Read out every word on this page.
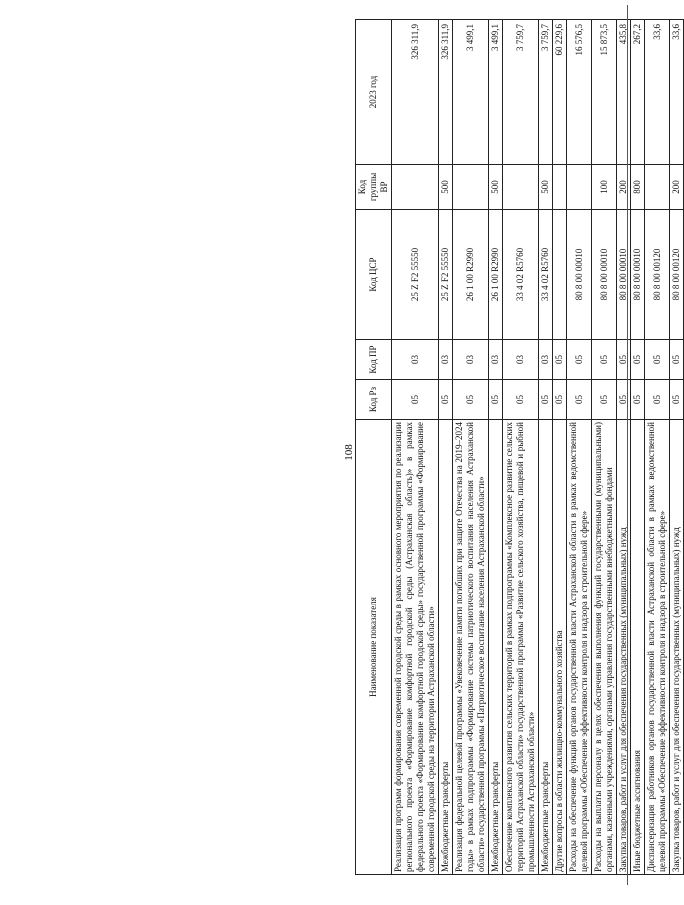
108
Наименование показателя	Код Рз	Код ПР	Код ЦСР	Код группы ВР	2023 год
Реализация программ формирования современной городской среды в рамках основного мероприятия по реализации регионального проекта «Формирование комфортной городской среды (Астраханская область)» в рамках федерального проекта «Формирование комфортной городской среды» государственной программы «Формирование современной городской среды на территории Астраханской области»	05	03	25 Z F2 55550		326 311,9
Межбюджетные трансферты	05	03	25 Z F2 55550	500	326 311,9
Реализация федеральной целевой программы «Увековечение памяти погибших при защите Отечества на 2019–2024 годы» в рамках подпрограммы «Формирование системы патриотического воспитания населения Астраханской области» государственной программы «Патриотическое воспитание населения Астраханской области»	05	03	26 1 00 R2990		3 499,1
Межбюджетные трансферты	05	03	26 1 00 R2990	500	3 499,1
Обеспечение комплексного развития сельских территорий в рамках подпрограммы «Комплексное развитие сельских территорий Астраханской области» государственной программы «Развитие сельского хозяйства, пищевой и рыбной промышленности Астраханской области»	05	03	33 4 02 R5760		3 759,7
Межбюджетные трансферты	05	03	33 4 02 R5760	500	3 759,7
Другие вопросы в области жилищно-коммунального хозяйства	05	05			60 229,6
Расходы на обеспечение функций органов государственной власти Астраханской области в рамках ведомственной целевой программы «Обеспечение эффективности контроля и надзора в строительной сфере»	05	05	80 8 00 00010		16 576,5
Расходы на выплаты персоналу в целях обеспечения выполнения функций государственными (муниципальными) органами, казенными учреждениями, органами управления государственными внебюджетными фондами	05	05	80 8 00 00010	100	15 873,5
Закупка товаров, работ и услуг для обеспечения государственных (муниципальных) нужд	05	05	80 8 00 00010	200	435,8
Иные бюджетные ассигнования	05	05	80 8 00 00010	800	267,2
Диспансеризация работников органов государственной власти Астраханской области в рамках ведомственной целевой программы «Обеспечение эффективности контроля и надзора в строительной сфере»	05	05	80 8 00 00120		33,6
Закупка товаров, работ и услуг для обеспечения государственных (муниципальных) нужд	05	05	80 8 00 00120	200	33,6
